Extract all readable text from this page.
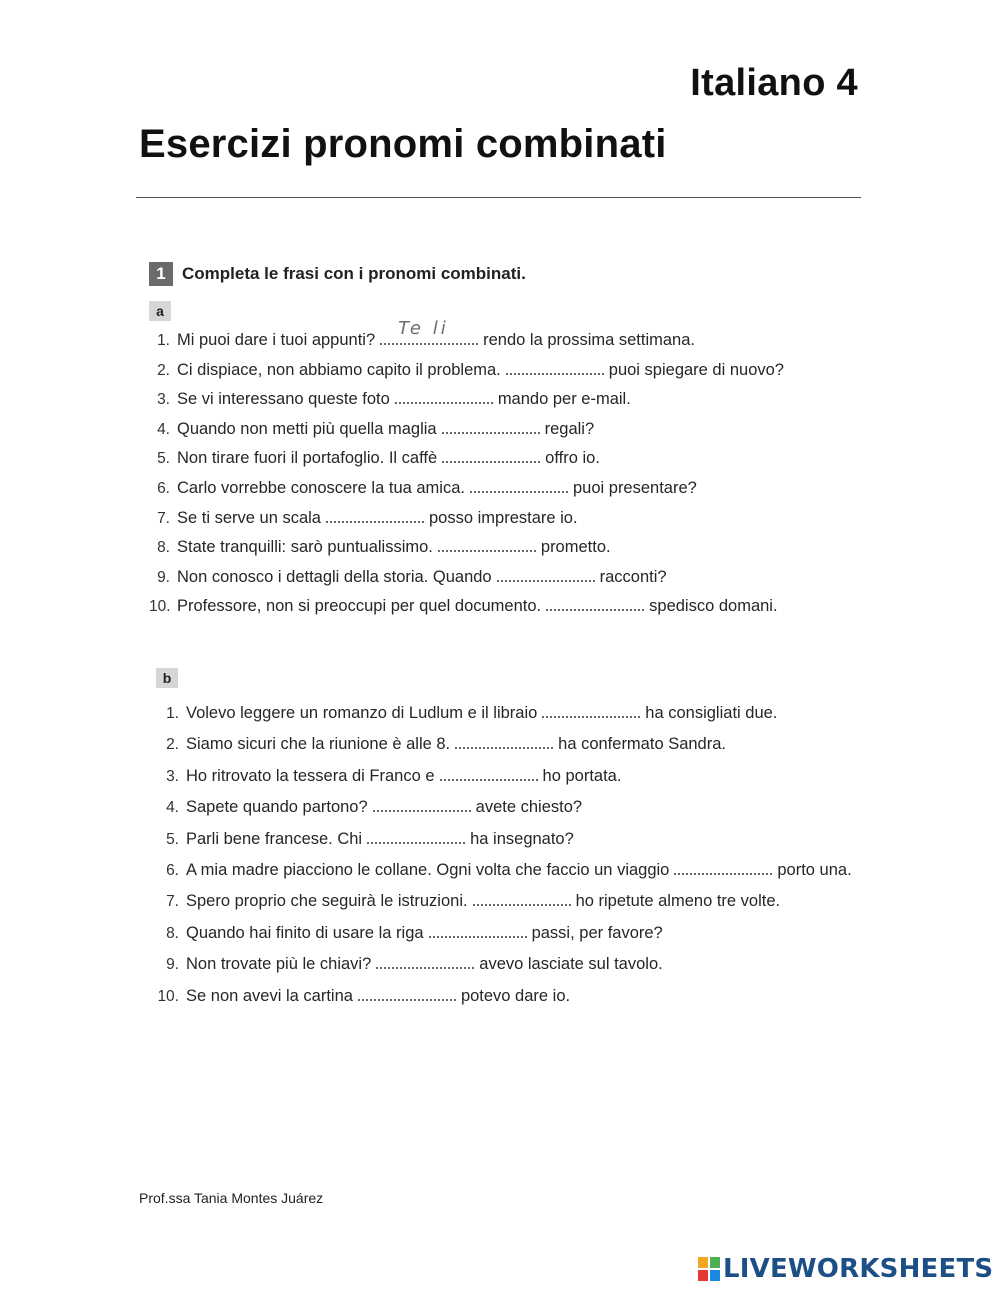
Italiano 4
Esercizi pronomi combinati
1 Completa le frasi con i pronomi combinati.
a
1. Mi puoi dare i tuoi appunti?
Te li
rendo la prossima settimana.
2. Ci dispiace, non abbiamo capito il problema.	puoi spiegare di nuovo?
3. Se vi interessano queste foto	mando per e-mail.
4. Quando non metti più quella maglia	regali?
5. Non tirare fuori il portafoglio. Il caffè	offro io.
6. Carlo vorrebbe conoscere la tua amica.	puoi presentare?
7. Se ti serve un scala	posso imprestare io.
8. State tranquilli: sarò puntualissimo.	prometto.
9. Non conosco i dettagli della storia. Quando	racconti?
10. Professore, non si preoccupi per quel documento.	spedisco domani.
b
1. Volevo leggere un romanzo di Ludlum e il libraio	ha consigliati due.
2. Siamo sicuri che la riunione è alle 8.	ha confermato Sandra.
3. Ho ritrovato la tessera di Franco e	ho portata.
4. Sapete quando partono?	avete chiesto?
5. Parli bene francese. Chi	ha insegnato?
6. A mia madre piacciono le collane. Ogni volta che faccio un viaggio	porto una.
7. Spero proprio che seguirà le istruzioni.	ho ripetute almeno tre volte.
8. Quando hai finito di usare la riga	passi, per favore?
9. Non trovate più le chiavi?	avevo lasciate sul tavolo.
10. Se non avevi la cartina	potevo dare io.
Prof.ssa Tania Montes Juárez
LIVEWORKSHEETS
